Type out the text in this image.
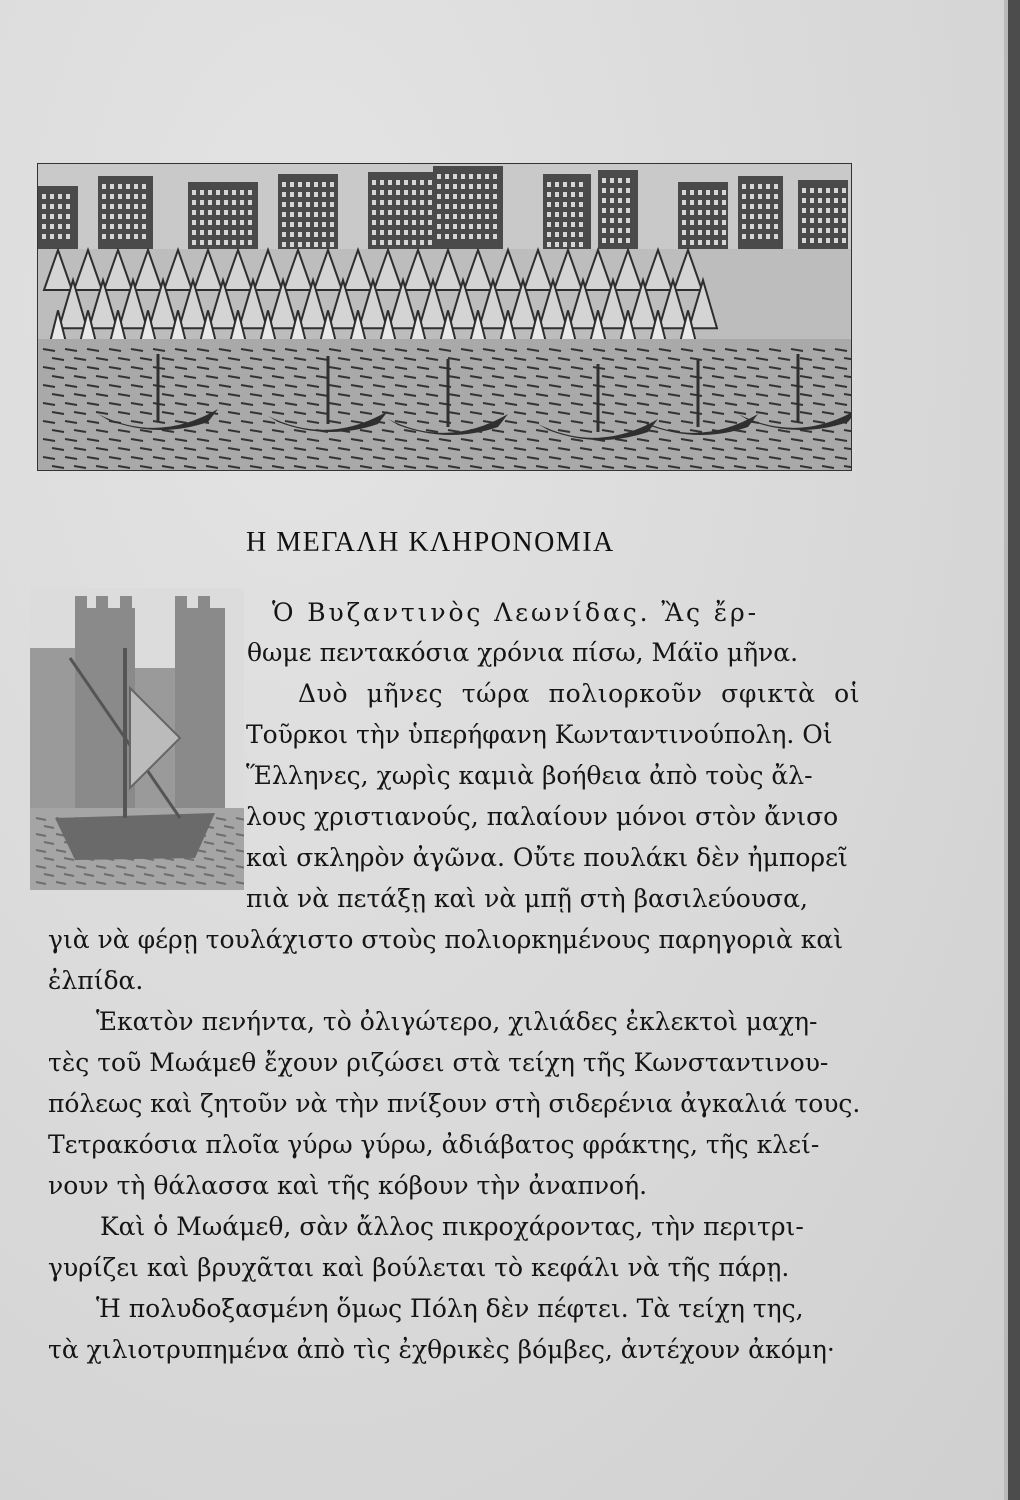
Η ΜΕΓΑΛΗ ΚΛΗΡΟΝΟΜΙΑ
Ὁ Βυζαντινὸς Λεωνίδας. Ἂς ἔρ-
θωμε πεντακόσια χρόνια πίσω, Μάϊο μῆνα.
Δυὸ μῆνες τώρα πολιορκοῦν σφικτὰ οἱ
Τοῦρκοι τὴν ὑπερήφανη Κωνταντινούπολη. Οἱ
Ἕλληνες, χωρὶς καμιὰ βοήθεια ἀπὸ τοὺς ἄλ-
λους χριστιανούς, παλαίουν μόνοι στὸν ἄνισο
καὶ σκληρὸν ἀγῶνα. Οὔτε πουλάκι δὲν ἠμπορεῖ
πιὰ νὰ πετάξῃ καὶ νὰ μπῇ στὴ βασιλεύουσα,
γιὰ νὰ φέρῃ τουλάχιστο στοὺς πολιορκημένους παρηγοριὰ καὶ
ἐλπίδα.
Ἑκατὸν πενήντα, τὸ ὀλιγώτερο, χιλιάδες ἐκλεκτοὶ μαχη-
τὲς τοῦ Μωάμεθ ἔχουν ριζώσει στὰ τείχη τῆς Κωνσταντινου-
πόλεως καὶ ζητοῦν νὰ τὴν πνίξουν στὴ σιδερένια ἀγκαλιά τους.
Τετρακόσια πλοῖα γύρω γύρω, ἀδιάβατος φράκτης, τῆς κλεί-
νουν τὴ θάλασσα καὶ τῆς κόβουν τὴν ἀναπνοή.
Καὶ ὁ Μωάμεθ, σὰν ἄλλος πικροχάροντας, τὴν περιτρι-
γυρίζει καὶ βρυχᾶται καὶ βούλεται τὸ κεφάλι νὰ τῆς πάρῃ.
Ἡ πολυδοξασμένη ὅμως Πόλη δὲν πέφτει. Τὰ τείχη της,
τὰ χιλιοτρυπημένα ἀπὸ τὶς ἐχθρικὲς βόμβες, ἀντέχουν ἀκόμη·
